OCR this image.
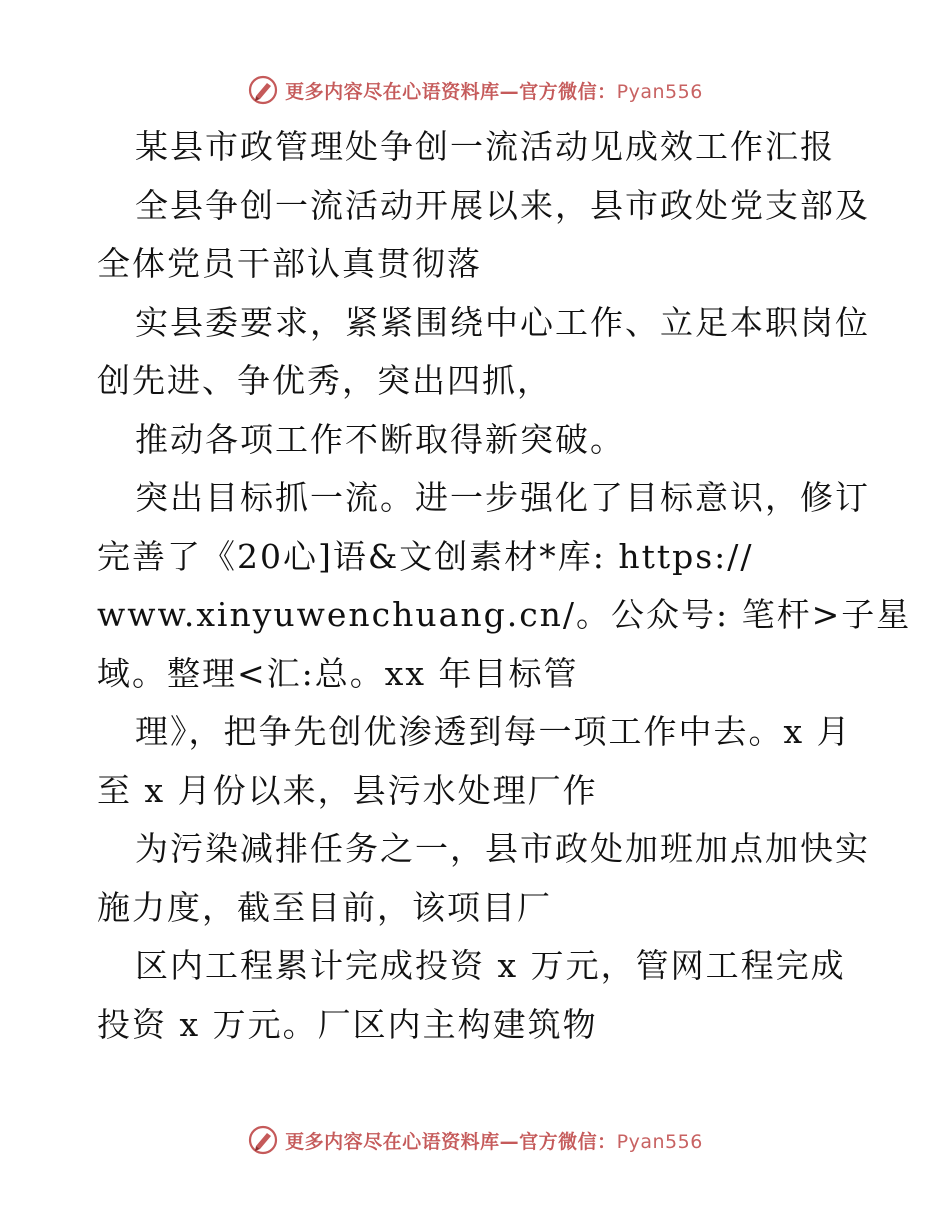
更多内容尽在心语资料库—官方微信：Pyan556
某县市政管理处争创一流活动见成效工作汇报
全县争创一流活动开展以来，县市政处党支部及
全体党员干部认真贯彻落
实县委要求，紧紧围绕中心工作、立足本职岗位
创先进、争优秀，突出四抓，
推动各项工作不断取得新突破。
突出目标抓一流。进一步强化了目标意识，修订
完善了《20心]语&文创素材*库: https://
www.xinyuwenchuang.cn/。公众号: 笔杆>子星
域。整理<汇:总。xx 年目标管
理》，把争先创优渗透到每一项工作中去。x 月
至 x 月份以来，县污水处理厂作
为污染减排任务之一，县市政处加班加点加快实
施力度，截至目前，该项目厂
区内工程累计完成投资 x 万元，管网工程完成
投资 x 万元。厂区内主构建筑物
更多内容尽在心语资料库—官方微信：Pyan556
